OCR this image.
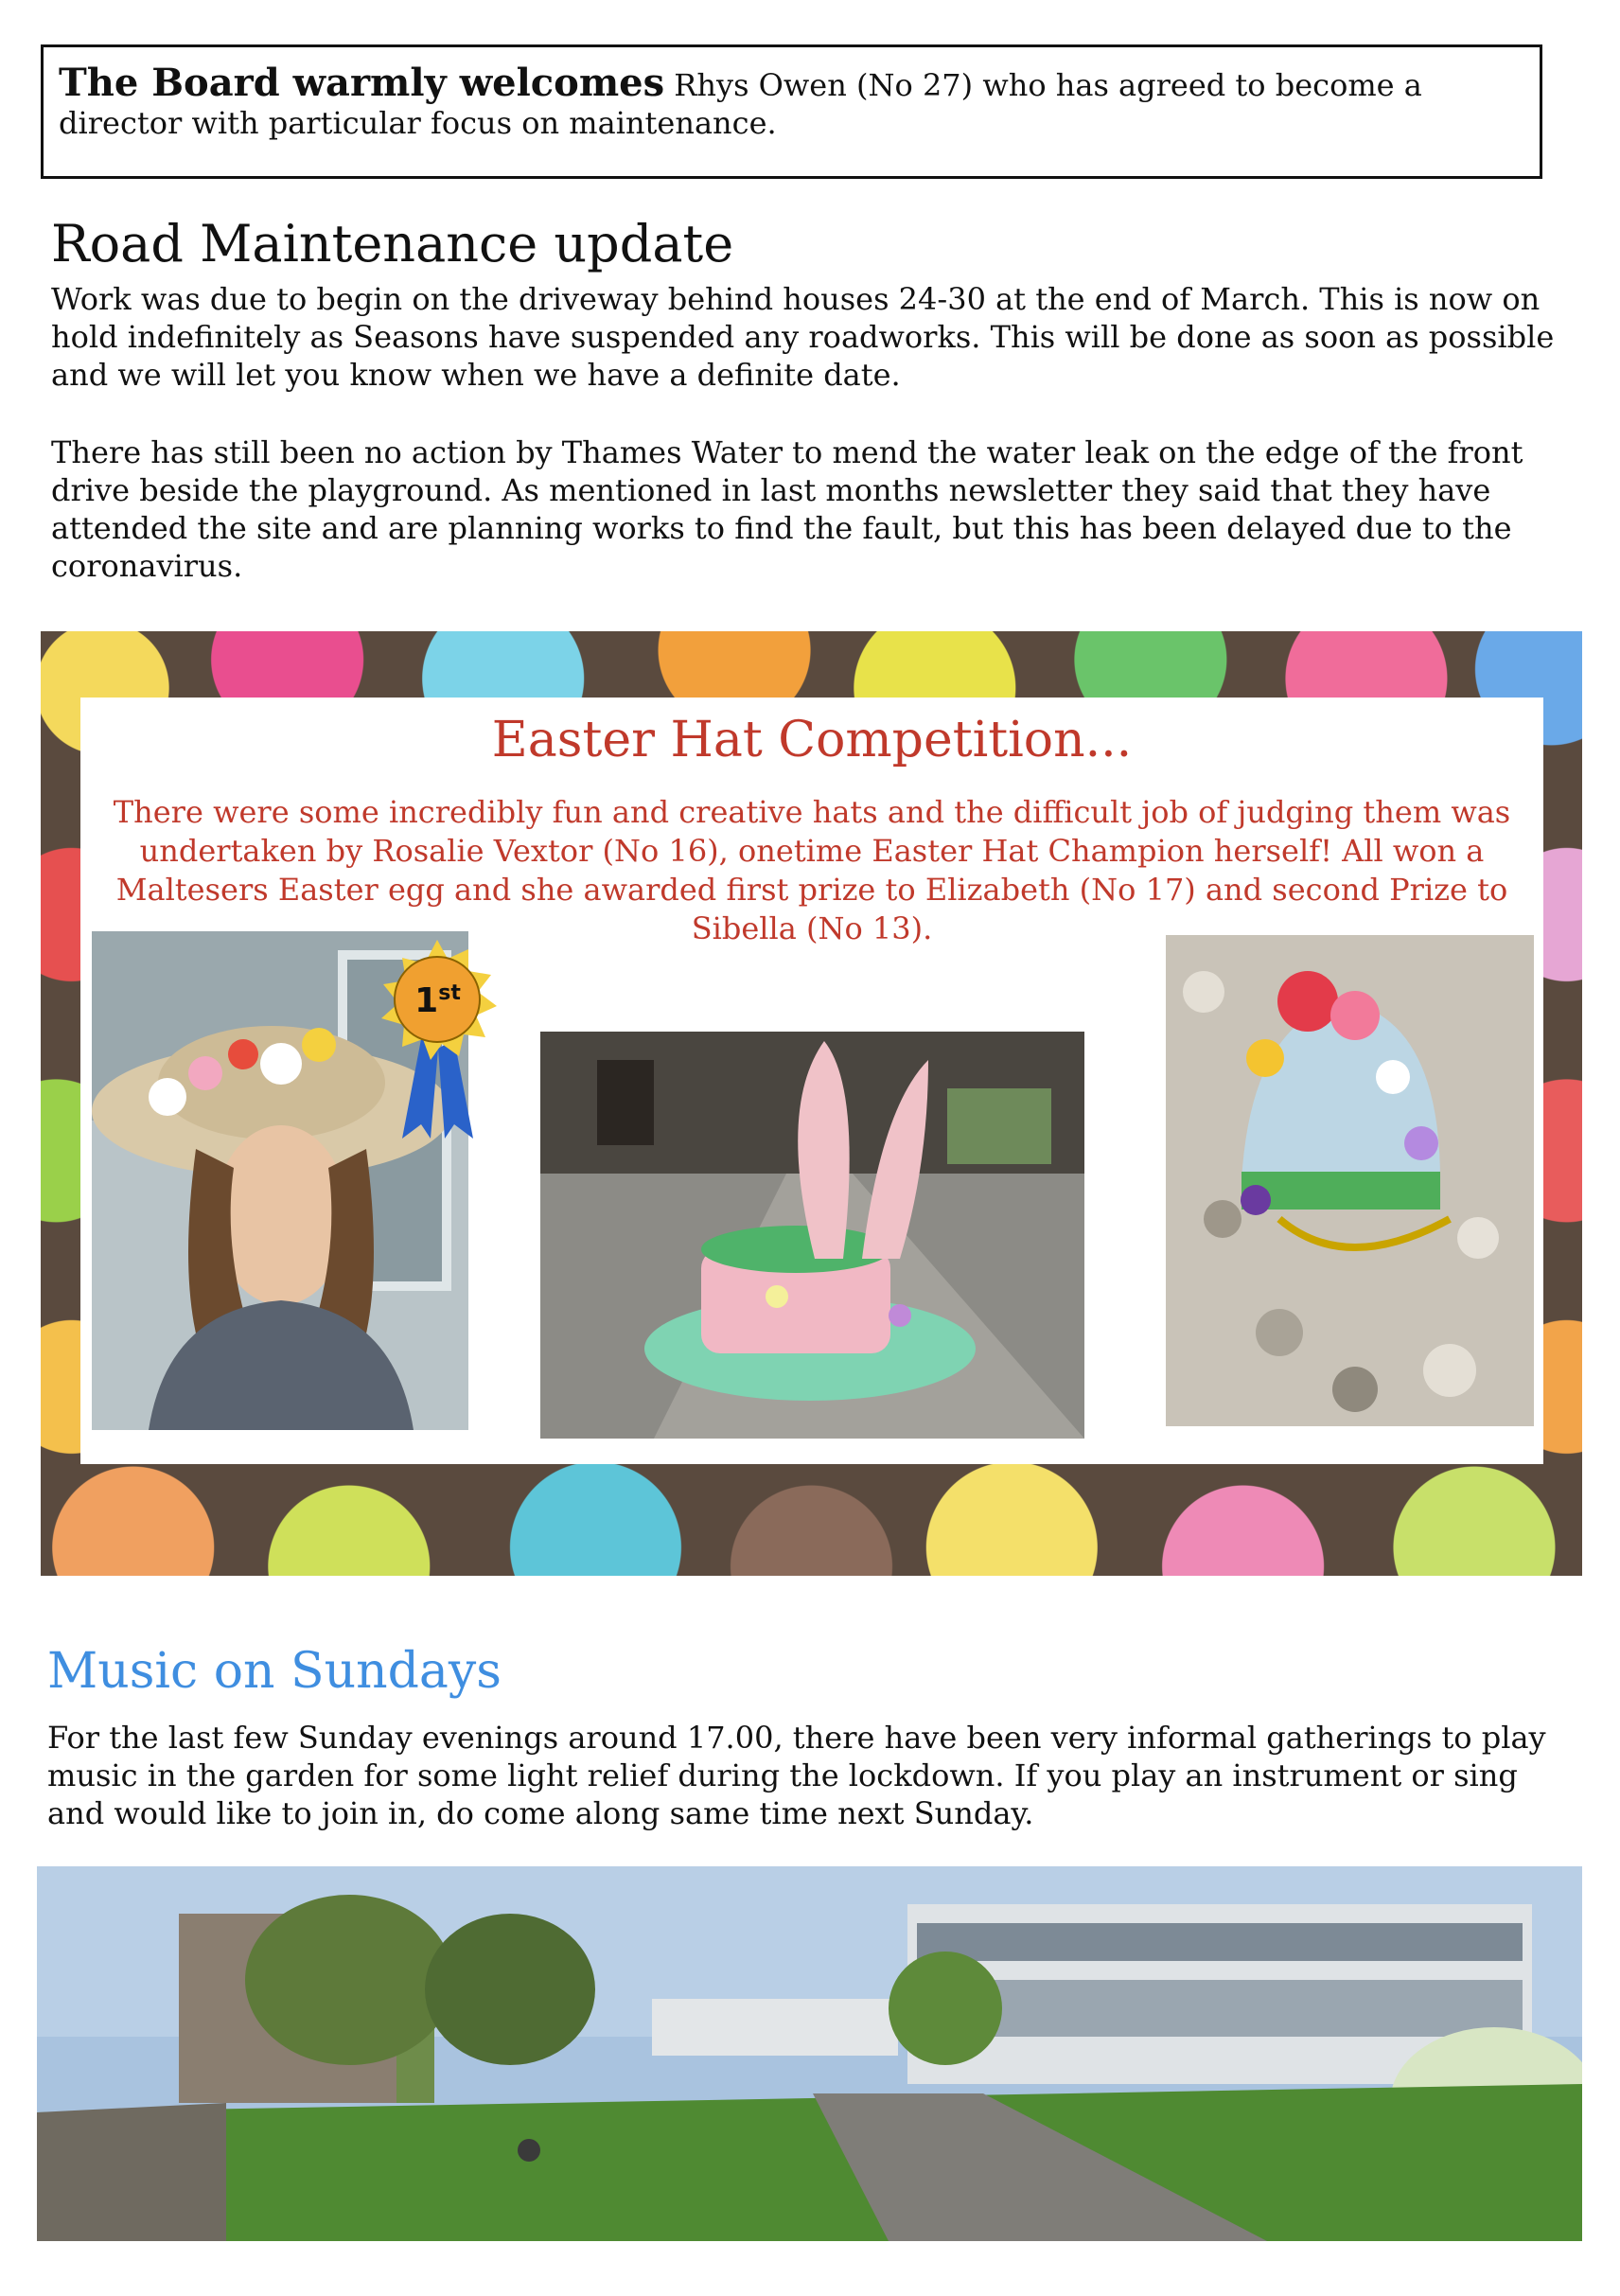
The Board warmly welcomes Rhys Owen (No 27) who has agreed to become a director with particular focus on maintenance.
Road Maintenance update

Work was due to begin on the driveway behind houses 24-30 at the end of March. This is now on hold indefinitely as Seasons have suspended any roadworks. This will be done as soon as possible and we will let you know when we have a definite date.

There has still been no action by Thames Water to mend the water leak on the edge of the front drive beside the playground. As mentioned in last months newsletter they said that they have attended the site and are planning works to find the fault, but this has been delayed due to the coronavirus.

Easter Hat Competition...

There were some incredibly fun and creative hats and the difficult job of judging them was undertaken by Rosalie Vextor (No 16), onetime Easter Hat Champion herself! All won a Maltesers Easter egg and she awarded first prize to Elizabeth (No 17) and second Prize to Sibella (No 13).

1st
Music on Sundays

For the last few Sunday evenings around 17.00, there have been very informal gatherings to play music in the garden for some light relief during the lockdown. If you play an instrument or sing and would like to join in, do come along same time next Sunday.
